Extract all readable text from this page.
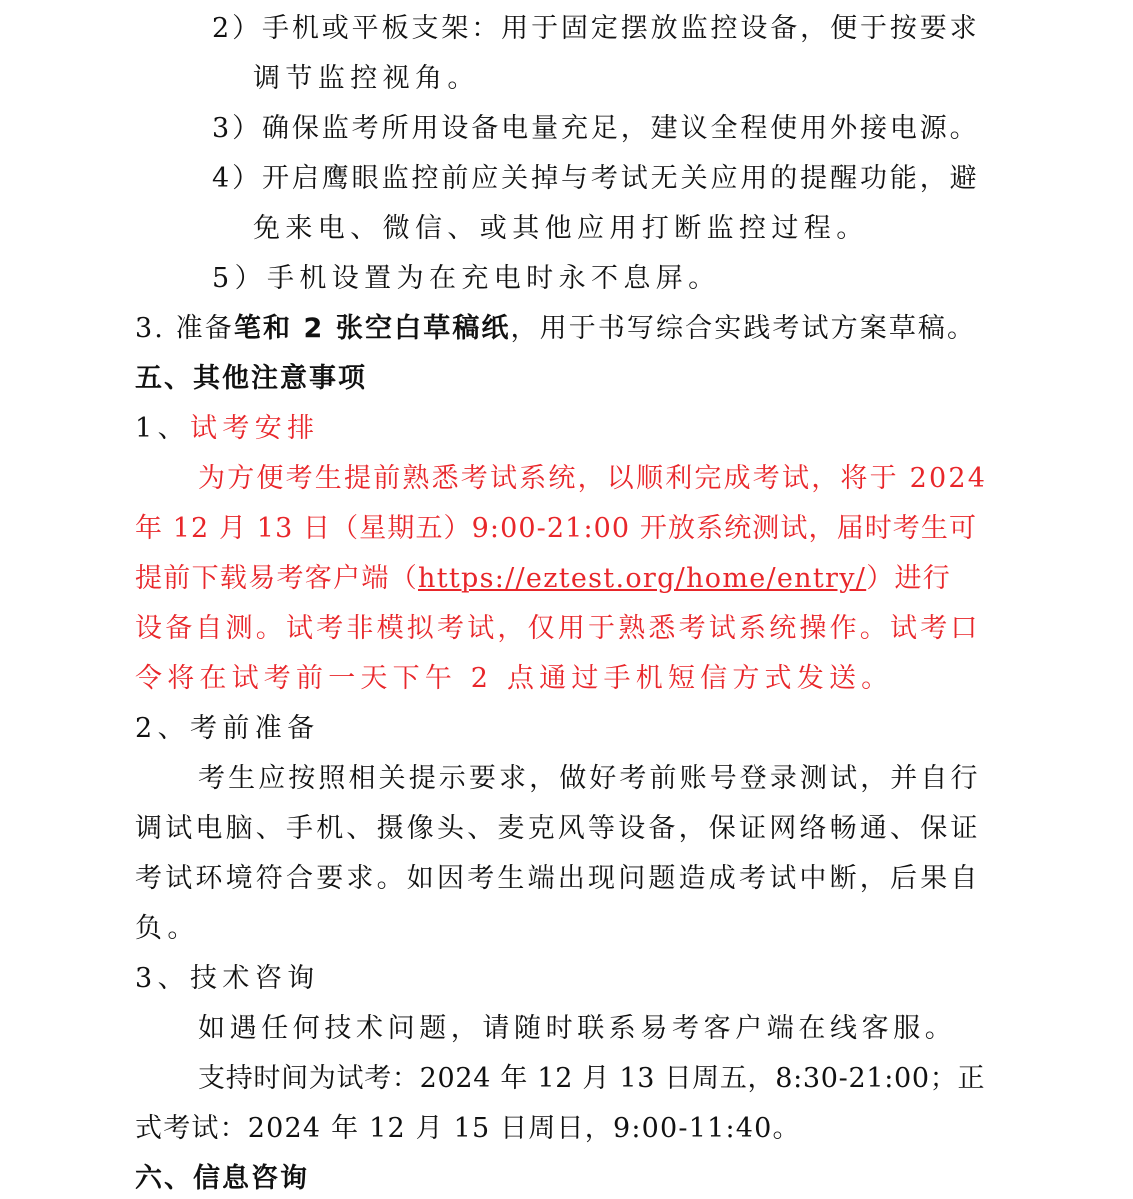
2）手机或平板支架：用于固定摆放监控设备，便于按要求
调节监控视角。
3）确保监考所用设备电量充足，建议全程使用外接电源。
4）开启鹰眼监控前应关掉与考试无关应用的提醒功能，避
免来电、微信、或其他应用打断监控过程。
5）手机设置为在充电时永不息屏。
3. 准备笔和 2 张空白草稿纸，用于书写综合实践考试方案草稿。
五、其他注意事项
1、试考安排
为方便考生提前熟悉考试系统，以顺利完成考试，将于 2024
年 12 月 13 日（星期五）9:00-21:00 开放系统测试，届时考生可
提前下载易考客户端（https://eztest.org/home/entry/）进行
设备自测。试考非模拟考试，仅用于熟悉考试系统操作。试考口
令将在试考前一天下午 2 点通过手机短信方式发送。
2、考前准备
考生应按照相关提示要求，做好考前账号登录测试，并自行
调试电脑、手机、摄像头、麦克风等设备，保证网络畅通、保证
考试环境符合要求。如因考生端出现问题造成考试中断，后果自
负。
3、技术咨询
如遇任何技术问题，请随时联系易考客户端在线客服。
支持时间为试考：2024 年 12 月 13 日周五，8:30-21:00；正
式考试：2024 年 12 月 15 日周日，9:00-11:40。
六、信息咨询
